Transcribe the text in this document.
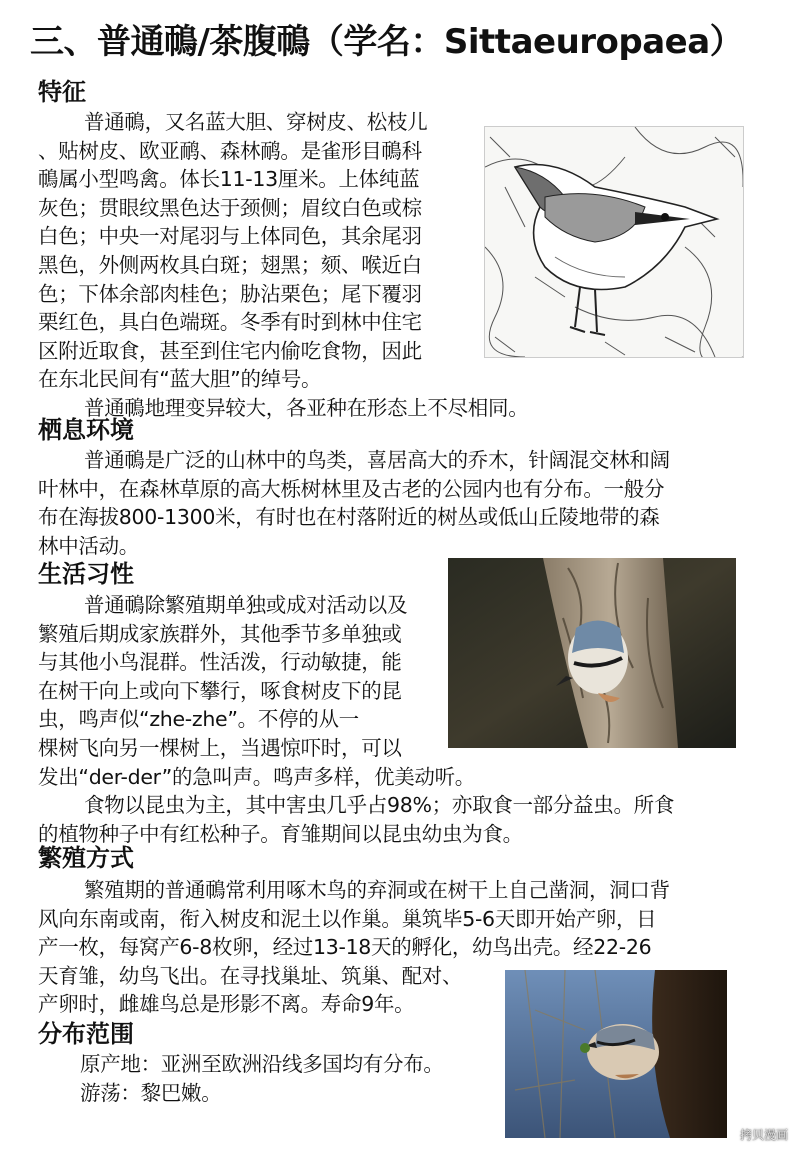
三、普通鳾/茶腹鳾（学名：Sittaeuropaea）
特征

普通鳾，又名蓝大胆、穿树皮、松枝儿

、贴树皮、欧亚鸸、森林鸸。是雀形目鳾科

鳾属小型鸣禽。体长11-13厘米。上体纯蓝

灰色；贯眼纹黑色达于颈侧；眉纹白色或棕

白色；中央一对尾羽与上体同色，其余尾羽

黑色，外侧两枚具白斑；翅黑；颏、喉近白

色；下体余部肉桂色；胁沾栗色；尾下覆羽

栗红色，具白色端斑。冬季有时到林中住宅

区附近取食，甚至到住宅内偷吃食物，因此

在东北民间有“蓝大胆”的绰号。

普通鳾地理变异较大，各亚种在形态上不尽相同。

栖息环境

普通鳾是广泛的山林中的鸟类，喜居高大的乔木，针阔混交林和阔

叶林中，在森林草原的高大栎树林里及古老的公园内也有分布。一般分

布在海拔800-1300米，有时也在村落附近的树丛或低山丘陵地带的森

林中活动。

生活习性

普通鳾除繁殖期单独或成对活动以及

繁殖后期成家族群外，其他季节多单独或

与其他小鸟混群。性活泼，行动敏捷，能

在树干向上或向下攀行，啄食树皮下的昆

虫，鸣声似“zhe-zhe”。不停的从一

棵树飞向另一棵树上，当遇惊吓时，可以

发出“der-der”的急叫声。鸣声多样，优美动听。

食物以昆虫为主，其中害虫几乎占98%；亦取食一部分益虫。所食

的植物种子中有红松种子。育雏期间以昆虫幼虫为食。

繁殖方式

繁殖期的普通鳾常利用啄木鸟的弃洞或在树干上自己凿洞，洞口背

风向东南或南，衔入树皮和泥土以作巢。巢筑毕5-6天即开始产卵，日

产一枚，每窝产6-8枚卵，经过13-18天的孵化，幼鸟出壳。经22-26

天育雏，幼鸟飞出。在寻找巢址、筑巢、配对、

产卵时，雌雄鸟总是形影不离。寿命9年。

分布范围

原产地：亚洲至欧洲沿线多国均有分布。

游荡：黎巴嫩。

拷贝漫画
